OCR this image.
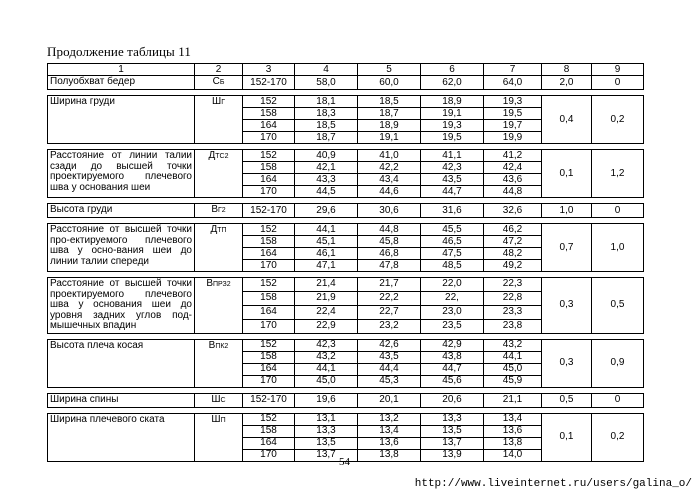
Продолжение таблицы 11
1	2	3	4	5	6	7	8	9
Полуобхват бедер	СБ	152-170	58,0	60,0	62,0	64,0	2,0	0

Ширина груди	ШГ	152	18,1	18,5	18,9	19,3	0,4	0,2
		158	18,3	18,7	19,1	19,5		
		164	18,5	18,9	19,3	19,7		
		170	18,7	19,1	19,5	19,9		

Расстояние от линии талии сзади до высшей точки проектируемого плечевого шва у основания шеи	ДТС2	152	40,9	41,0	41,1	41,2	0,1	1,2
		158	42,1	42,2	42,3	42,4		
		164	43,3	43,4	43,5	43,6		
		170	44,5	44,6	44,7	44,8		

Высота груди	ВГ2	152-170	29,6	30,6	31,6	32,6	1,0	0

Расстояние от высшей точки про-ектируемого плечевого шва у осно-вания шеи до линии талии спереди	ДТП	152	44,1	44,8	45,5	46,2	0,7	1,0
		158	45,1	45,8	46,5	47,2		
		164	46,1	46,8	47,5	48,2		
		170	47,1	47,8	48,5	49,2		

Расстояние от высшей точки проектируемого плечевого шва у основания шеи до уровня задних углов под-мышечных впадин	ВПРЗ2	152	21,4	21,7	22,0	22,3	0,3	0,5
		158	21,9	22,2	22,	22,8		
		164	22,4	22,7	23,0	23,3		
		170	22,9	23,2	23,5	23,8		

Высота плеча косая	ВПК2	152	42,3	42,6	42,9	43,2	0,3	0,9
		158	43,2	43,5	43,8	44,1		
		164	44,1	44,4	44,7	45,0		
		170	45,0	45,3	45,6	45,9		

Ширина спины	ШС	152-170	19,6	20,1	20,6	21,1	0,5	0

Ширина плечевого ската	ШП	152	13,1	13,2	13,3	13,4	0,1	0,2
		158	13,3	13,4	13,5	13,6		
		164	13,5	13,6	13,7	13,8		
		170	13,7	13,8	13,9	14,0		
54
http://www.liveinternet.ru/users/galina_o/
